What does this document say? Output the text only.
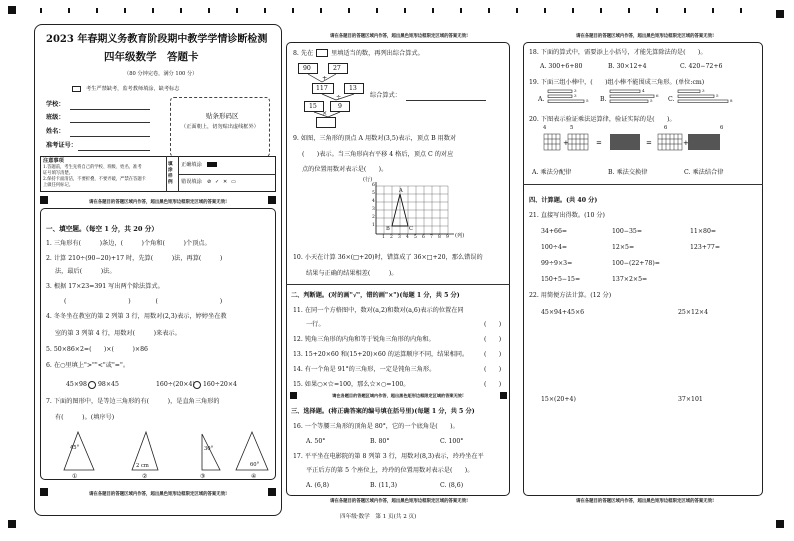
2023 年春期义务教育阶段期中教学学情诊断检测
四年级数学　答题卡
（80 分钟完卷，满分 100 分）
考生严禁缺考，监考教师填涂，缺考标志
学校：
班级：
姓名：
准考证号：
贴条形码区
（正面朝上，切勿贴出虚线框外）
注意事项
1.答题前，考生先将自己的学校、班级、姓名、准考
证号填写清楚。
2.保持卡面清洁，不要折叠，不要弄破，严禁在答题卡
上做任何标记。
填涂样例
正确填涂
错误填涂 ⊘ ✓ ✕ ▭
请在各题目的答题区域内作答，超出黑色矩形边框限定区域的答案无效!
一、填空题。（每空 1 分，共 20 分）
1. 三角形有(　　　)条边，(　　　)个角和(　　　)个顶点。
2. 计算 210÷(90−20)+17 时，先算(　　　)法，再算(　　　)
法，最后(　　　)法。
3. 根据 17×23=391 写出两个除法算式。
(　　　　　　　　　　)　　　　(　　　　　　　　　　)
4. 冬冬坐在教室的第 2 列第 3 行，用数对(2,3)表示，婷婷坐在教
室的第 3 列第 4 行，用数对(　　　)来表示。
5. 50×86×2=(　　)×(　　　)×86
6. 在○里填上">""<"或"="。
45×98 98×45	160÷(20×4) 160÷20×4
7. 下面的图形中，是等边三角形的有(　　　)，是直角三角形的
有(　　　)。(填序号)
45°
2 cm
30°
60°
①	②	③	④
请在各题目的答题区域内作答，超出黑色矩形边框限定区域的答案无效!
请在各题目的答题区域内作答，超出黑色矩形边框限定区域的答案无效!
8. 先在	里填适当的数，再列出综合算式。
90	27
+
117	13
÷
15	9
×
综合算式：
9. 如图，三角形的顶点 A 用数对(3,5)表示，顶点 B 用数对
(　　)表示。当三角形向右平移 4 格后，顶点 C 的对应
点的位置用数对表示是(　　)。
(行)
(列)
A
B	C
1 2 3 4 5 6 7 8 9
1
2
3
4
5
6
10. 小天在计算 36×(□+20)时，错算成了 36×□+20，那么错误的
结果与正确的结果相差(　　　)。
二、判断题。(对的画"√"，错的画"×")(每题 1 分，共 5 分)
11. 在同一个方格图中，数对(a,2)和数对(a,6)表示的位置在同
一行。	(　　)
12. 钝角三角形的内角和等于锐角三角形的内角和。	(　　)
13. 15+20×60 和(15+20)×60 的运算顺序不同，结果相同。	(　　)
14. 有一个角是 91°的三角形，一定是钝角三角形。	(　　)
15. 如果○×☆=100，那么☆×○=100。	(　　)
请在各题目的答题区域内作答，超出黑色矩形边框限定区域的答案无效!
三、选择题。(将正确答案的编号填在括号里)(每题 1 分，共 5 分)
16. 一个等腰三角形的顶角是 80°，它的一个底角是(　　)。
A. 50°	B. 80°	C. 100°
17. 平平坐在电影院的第 8 列第 3 行，用数对(8,3)表示，玲玲坐在平
平正后方的第 5 个座位上，玲玲的位置用数对表示是(　　)。
A. (6,8)	B. (11,3)	C. (8,6)
请在各题目的答题区域内作答，超出黑色矩形边框限定区域的答案无效!
请在各题目的答题区域内作答，超出黑色矩形边框限定区域的答案无效!
18. 下面的算式中，需要添上小括号，才能先算除法的是(　　)。
A. 300+6+80	B. 30×12+4	C. 420−72+6
19. 下面三组小棒中，(　　)组小棒不能围成三角形。(单位:cm)
A.	B.	C.
3
3
5
4
6
5
3
5
8
20. 下图表示验证乘法运算律，验证实际的是(　　)。
+	=	=	+
4	5	6	6
A. 乘法分配律	B. 乘法交换律	C. 乘法结合律
四、计算题。(共 40 分)
21. 直接写出得数。(10 分)
34+66=	100−35=	11×80=
100÷4=	12×5=	123+77=
99÷9×3=	100−(22+78)=
150+5−15=	137×2×5=
22. 用简便方法计算。(12 分)
45×94+45×6	25×12×4
15×(20+4)	37×101
请在各题目的答题区域内作答，超出黑色矩形边框限定区域的答案无效!
四年级·数学　第 1 页(共 2 页)
